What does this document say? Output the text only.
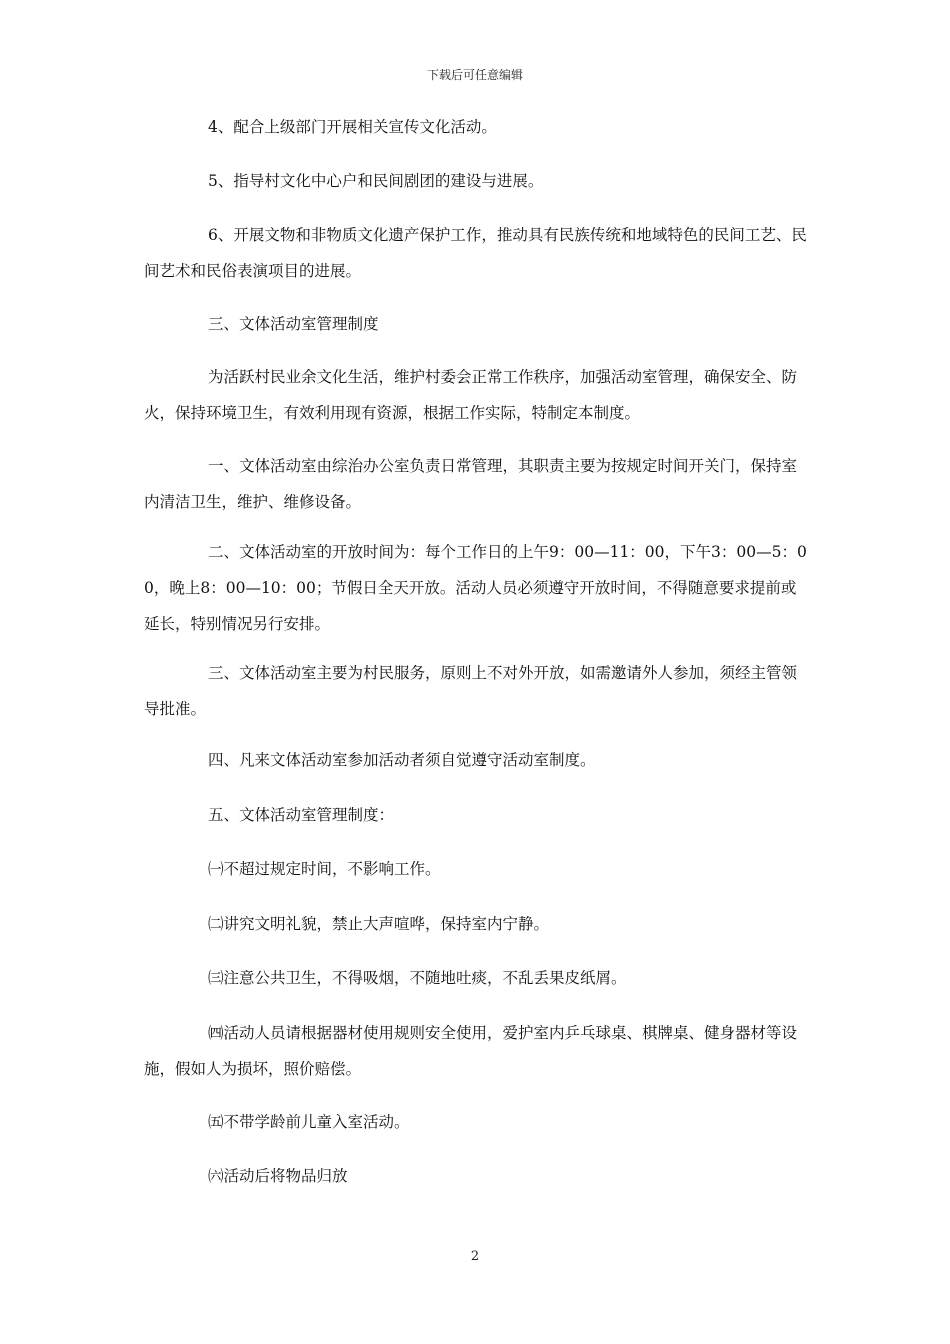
下载后可任意编辑

4、配合上级部门开展相关宣传文化活动。

5、指导村文化中心户和民间剧团的建设与进展。

6、开展文物和非物质文化遗产保护工作，推动具有民族传统和地域特色的民间工艺、民间艺术和民俗表演项目的进展。

三、文体活动室管理制度

为活跃村民业余文化生活，维护村委会正常工作秩序，加强活动室管理，确保安全、防火，保持环境卫生，有效利用现有资源，根据工作实际，特制定本制度。

一、文体活动室由综治办公室负责日常管理，其职责主要为按规定时间开关门，保持室内清洁卫生，维护、维修设备。

二、文体活动室的开放时间为：每个工作日的上午9：00—11：00，下午3：00—5：00，晚上8：00—10：00；节假日全天开放。活动人员必须遵守开放时间，不得随意要求提前或延长，特别情况另行安排。

三、文体活动室主要为村民服务，原则上不对外开放，如需邀请外人参加，须经主管领导批准。

四、凡来文体活动室参加活动者须自觉遵守活动室制度。

五、文体活动室管理制度：

㈠不超过规定时间，不影响工作。

㈡讲究文明礼貌，禁止大声喧哗，保持室内宁静。

㈢注意公共卫生，不得吸烟，不随地吐痰，不乱丢果皮纸屑。

㈣活动人员请根据器材使用规则安全使用，爱护室内乒乓球桌、棋牌桌、健身器材等设施，假如人为损坏，照价赔偿。

㈤不带学龄前儿童入室活动。

㈥活动后将物品归放

2
